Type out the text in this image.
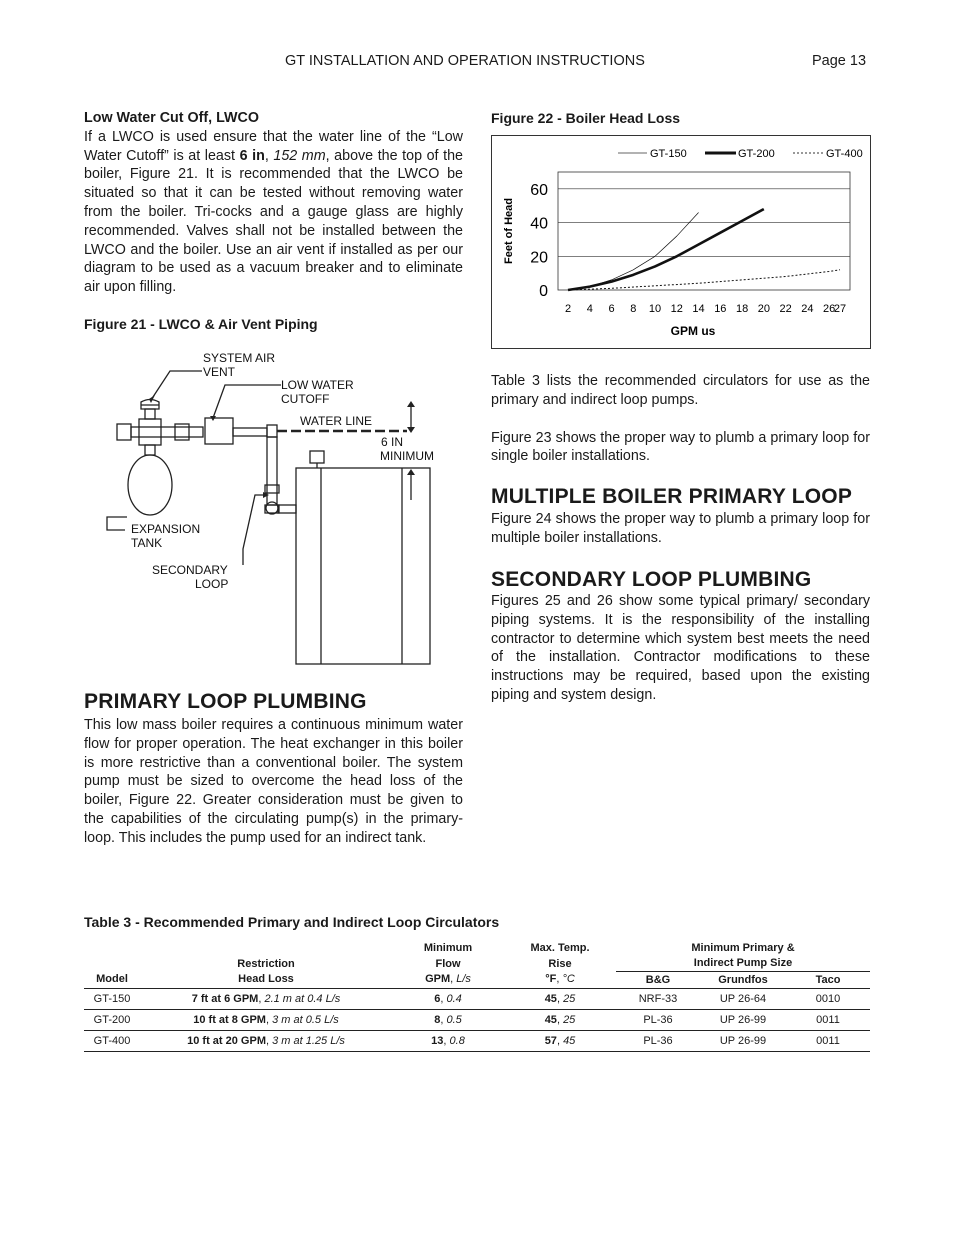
GT INSTALLATION AND OPERATION INSTRUCTIONS	Page 13
Low Water Cut Off, LWCO
If a LWCO is used ensure that the water line of the “Low Water Cutoff” is at least 6 in, 152 mm, above the top of the boiler, Figure 21. It is recommended that the LWCO be situated so that it can be tested without removing water from the boiler. Tri-cocks and a gauge glass are highly recommended. Valves shall not be installed between the LWCO and the boiler. Use an air vent if installed as per our diagram to be used as a vacuum breaker and to eliminate air upon filling.
Figure 21 - LWCO & Air Vent Piping
SYSTEM AIR
VENT
LOW WATER
CUTOFF
WATER LINE
6 IN
MINIMUM
EXPANSION
TANK
SECONDARY
LOOP
PRIMARY LOOP PLUMBING
This low mass boiler requires a continuous minimum water flow for proper operation. The heat exchanger in this boiler is more restrictive than a conventional boiler. The system pump must be sized to overcome the head loss of the boiler, Figure 22. Greater consideration must be given to the capabilities of the circulating pump(s) in the primary-loop. This includes the pump used for an indirect tank.
Figure 22 - Boiler Head Loss
GT-150	GT-200	GT-400
0
20
40
60
2 4 6 8 10 12 14 16 18 20 22 24 26
27
Feet of Head
GPM us
Table 3 lists the recommended circulators for use as the primary and indirect loop pumps.
Figure 23 shows the proper way to plumb a primary loop for single boiler installations.
MULTIPLE BOILER PRIMARY LOOP
Figure 24 shows the proper way to plumb a primary loop for multiple boiler installations.
SECONDARY LOOP PLUMBING
Figures 25 and 26 show some typical primary/ secondary piping systems. It is the responsibility of the installing contractor to determine which system best meets the need of the installation. Contractor modifications to these instructions may be required, based upon the existing piping and system design.
Table 3 - Recommended Primary and Indirect Loop Circulators
		Minimum	Max. Temp.	Minimum Primary &		
	Restriction	Flow	Rise	Indirect Pump Size		
Model	Head Loss	GPM, L/s	°F, °C	B&G	Grundfos	Taco
GT-150	7 ft at 6 GPM, 2.1 m at 0.4 L/s	6, 0.4	45, 25	NRF-33	UP 26-64	0010
GT-200	10 ft at 8 GPM, 3 m at 0.5 L/s	8, 0.5	45, 25	PL-36	UP 26-99	0011
GT-400	10 ft at 20 GPM, 3 m at 1.25 L/s	13, 0.8	57, 45	PL-36	UP 26-99	0011
